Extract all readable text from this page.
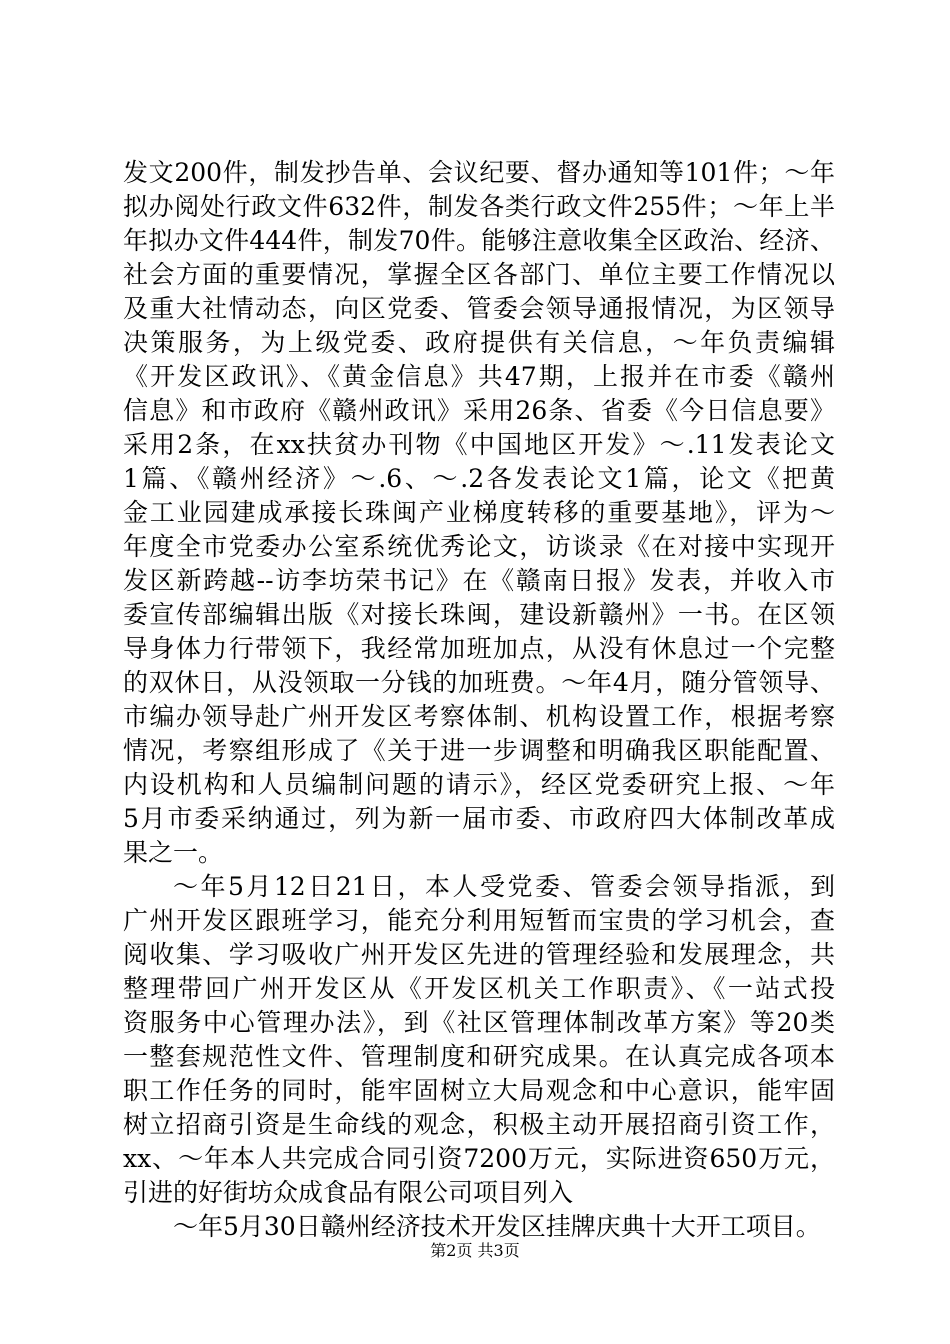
发文200件，制发抄告单、会议纪要、督办通知等101件；～年
拟办阅处行政文件632件，制发各类行政文件255件；～年上半
年拟办文件444件，制发70件。能够注意收集全区政治、经济、
社会方面的重要情况，掌握全区各部门、单位主要工作情况以
及重大社情动态，向区党委、管委会领导通报情况，为区领导
决策服务，为上级党委、政府提供有关信息，～年负责编辑
《开发区政讯》、《黄金信息》共47期，上报并在市委《赣州
信息》和市政府《赣州政讯》采用26条、省委《今日信息要》
采用2条，在xx扶贫办刊物《中国地区开发》～.11发表论文
1篇、《赣州经济》～.6、～.2各发表论文1篇，论文《把黄
金工业园建成承接长珠闽产业梯度转移的重要基地》，评为～
年度全市党委办公室系统优秀论文，访谈录《在对接中实现开
发区新跨越--访李坊荣书记》在《赣南日报》发表，并收入市
委宣传部编辑出版《对接长珠闽，建设新赣州》一书。在区领
导身体力行带领下，我经常加班加点，从没有休息过一个完整
的双休日，从没领取一分钱的加班费。～年4月，随分管领导、
市编办领导赴广州开发区考察体制、机构设置工作，根据考察
情况，考察组形成了《关于进一步调整和明确我区职能配置、
内设机构和人员编制问题的请示》，经区党委研究上报、～年
5月市委采纳通过，列为新一届市委、市政府四大体制改革成
果之一。
～年5月12日21日，本人受党委、管委会领导指派，到
广州开发区跟班学习，能充分利用短暂而宝贵的学习机会，查
阅收集、学习吸收广州开发区先进的管理经验和发展理念，共
整理带回广州开发区从《开发区机关工作职责》、《一站式投
资服务中心管理办法》，到《社区管理体制改革方案》等20类
一整套规范性文件、管理制度和研究成果。在认真完成各项本
职工作任务的同时，能牢固树立大局观念和中心意识，能牢固
树立招商引资是生命线的观念，积极主动开展招商引资工作，
xx、～年本人共完成合同引资7200万元，实际进资650万元，
引进的好街坊众成食品有限公司项目列入
～年5月30日赣州经济技术开发区挂牌庆典十大开工项目。
第2页 共3页
